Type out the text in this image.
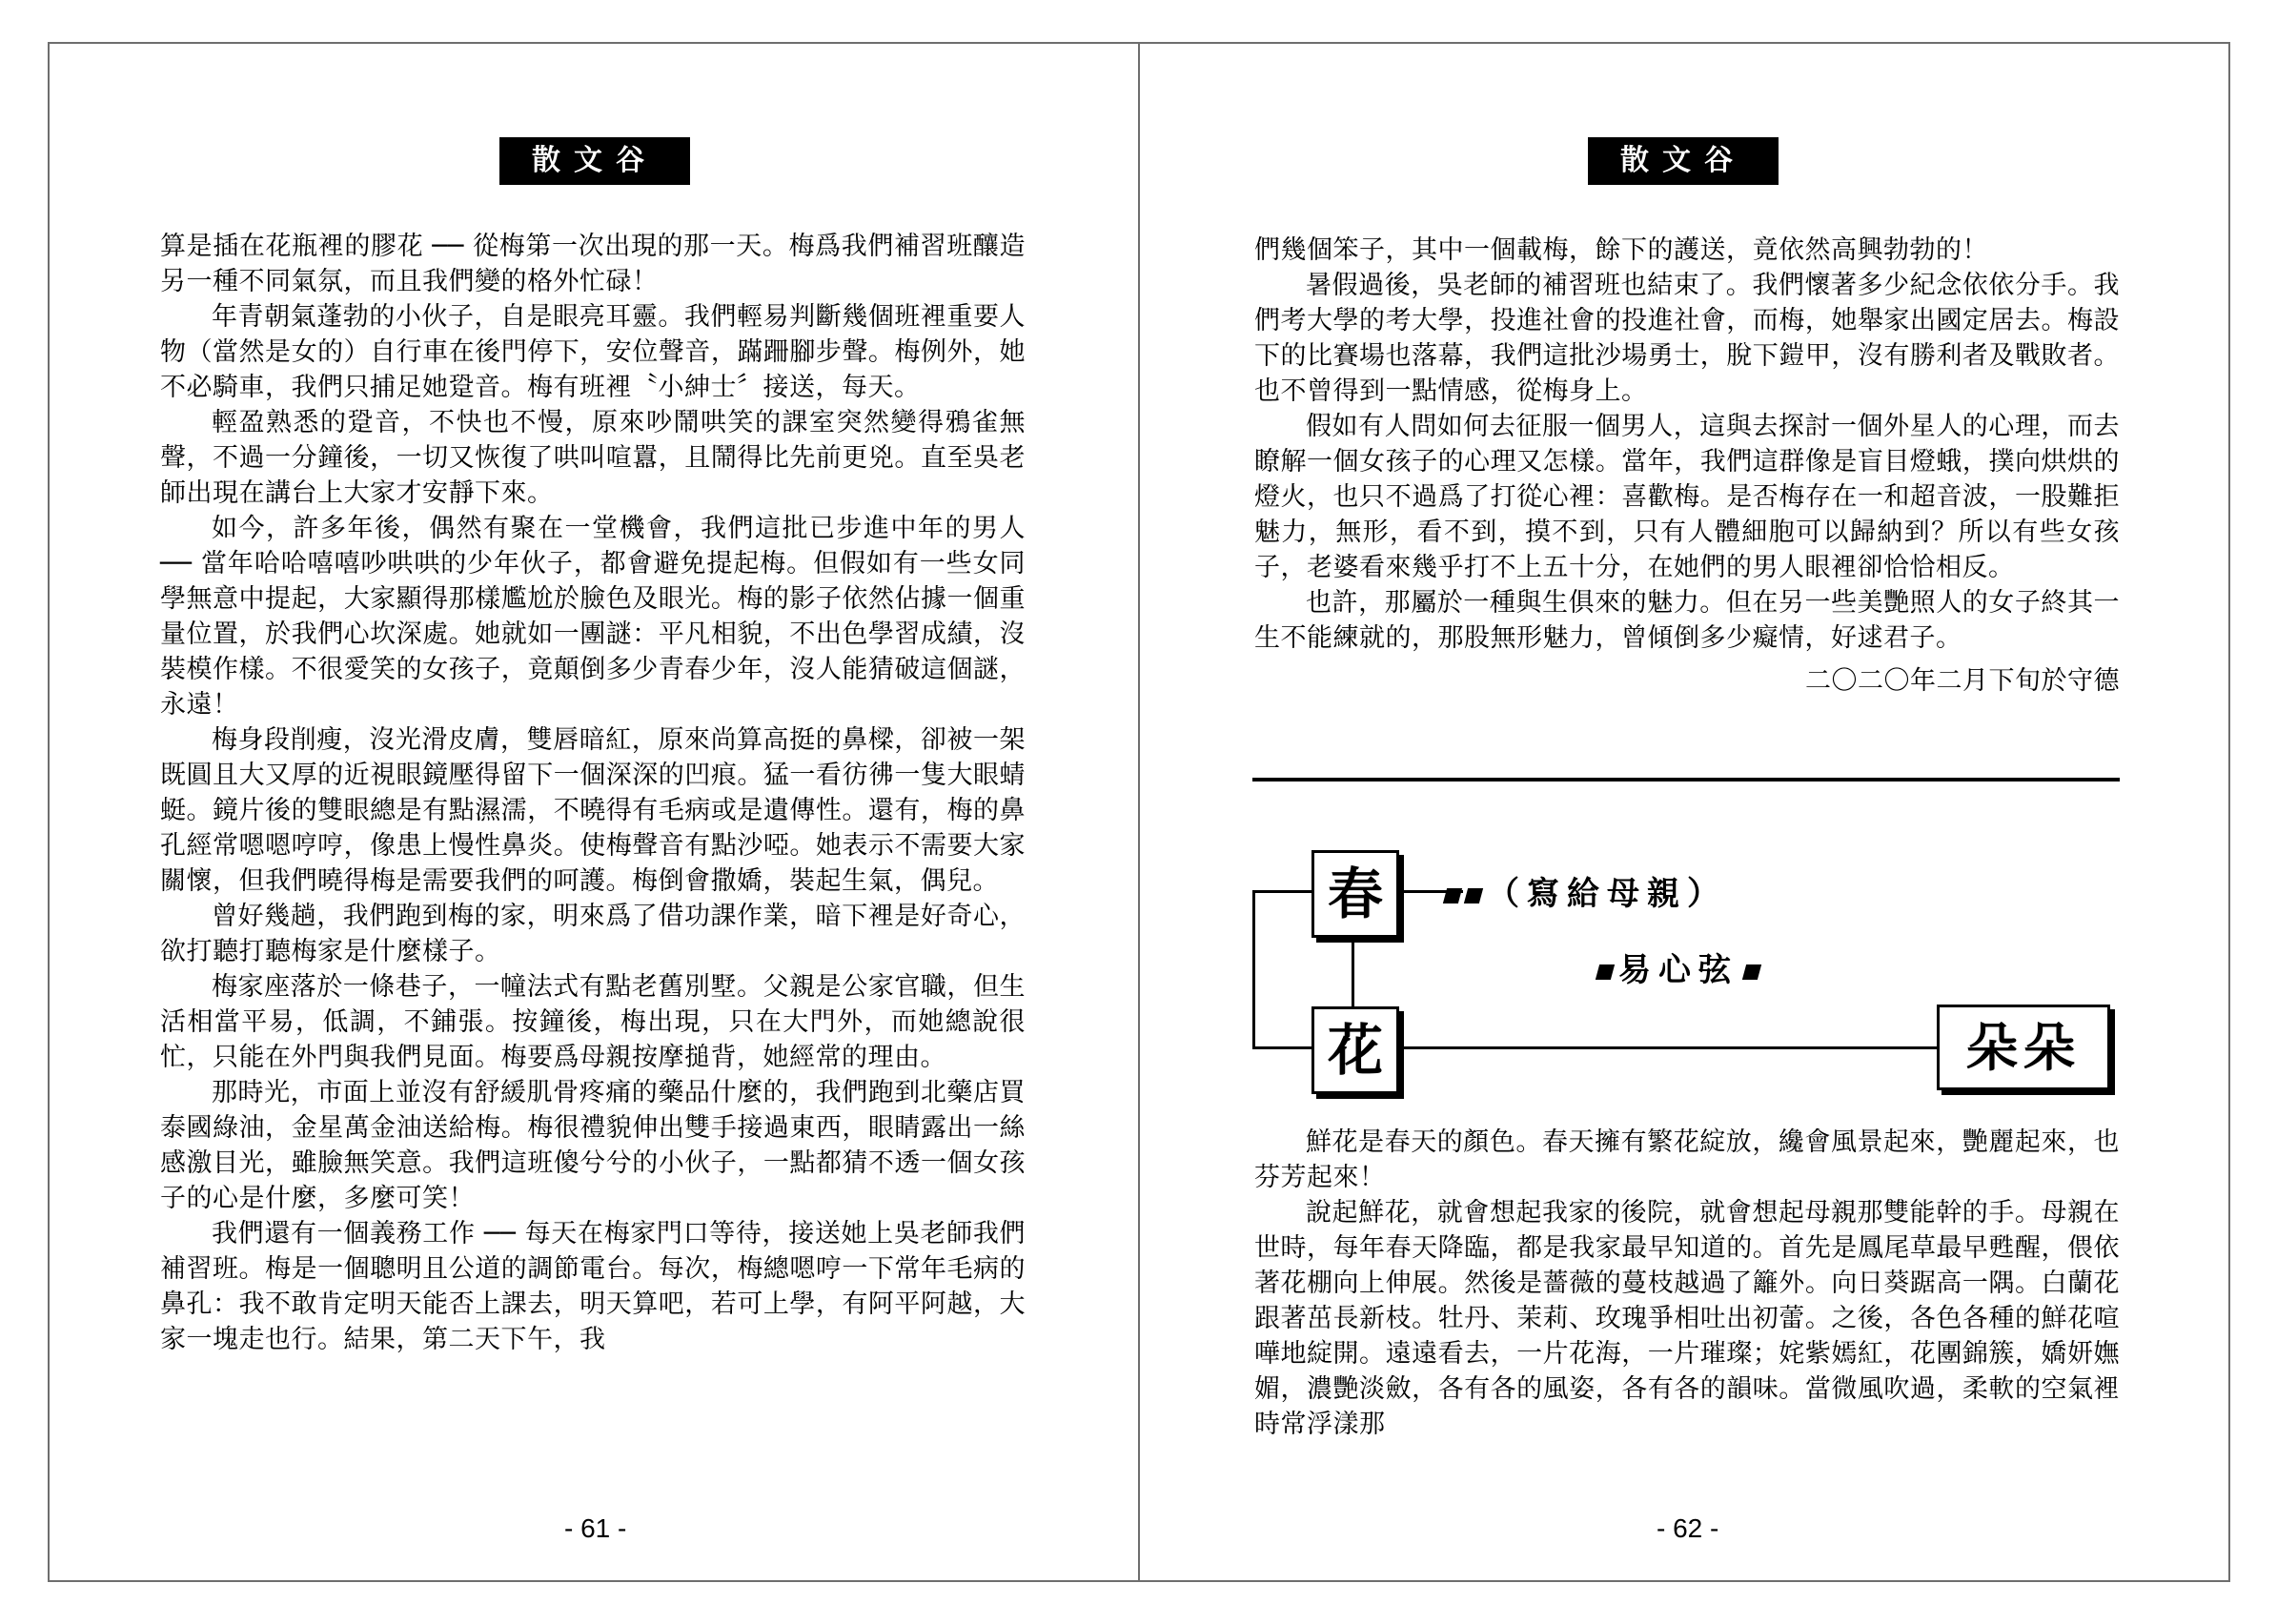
散文谷

算是插在花瓶裡的膠花 ── 從梅第一次出現的那一天。梅爲我們補習班釀造另一種不同氣氛，而且我們變的格外忙碌！

年青朝氣蓬勃的小伙子，自是眼亮耳靈。我們輕易判斷幾個班裡重要人物（當然是女的）自行車在後門停下，安位聲音，蹣跚腳步聲。梅例外，她不必騎車，我們只捕足她跫音。梅有班裡〝小紳士〞接送，每天。

輕盈熟悉的跫音，不快也不慢，原來吵鬧哄笑的課室突然變得鴉雀無聲，不過一分鐘後，一切又恢復了哄叫喧囂，且鬧得比先前更兇。直至吳老師出現在講台上大家才安靜下來。

如今，許多年後，偶然有聚在一堂機會，我們這批已步進中年的男人 ── 當年哈哈嘻嘻吵哄哄的少年伙子，都會避免提起梅。但假如有一些女同學無意中提起，大家顯得那樣尷尬於臉色及眼光。梅的影子依然佔據一個重量位置，於我們心坎深處。她就如一團謎：平凡相貌，不出色學習成績，沒裝模作樣。不很愛笑的女孩子，竟顛倒多少青春少年，沒人能猜破這個謎，永遠！

梅身段削瘦，沒光滑皮膚，雙唇暗紅，原來尚算高挺的鼻樑，卻被一架既圓且大又厚的近視眼鏡壓得留下一個深深的凹痕。猛一看彷彿一隻大眼蜻蜓。鏡片後的雙眼總是有點濕濡，不曉得有毛病或是遺傳性。還有，梅的鼻孔經常嗯嗯哼哼，像患上慢性鼻炎。使梅聲音有點沙啞。她表示不需要大家關懷，但我們曉得梅是需要我們的呵護。梅倒會撒嬌，裝起生氣，偶兒。

曾好幾趟，我們跑到梅的家，明來爲了借功課作業，暗下裡是好奇心，欲打聽打聽梅家是什麼樣子。

梅家座落於一條巷子，一幢法式有點老舊別墅。父親是公家官職，但生活相當平易，低調，不鋪張。按鐘後，梅出現，只在大門外，而她總說很忙，只能在外門與我們見面。梅要爲母親按摩搥背，她經常的理由。

那時光，市面上並沒有舒緩肌骨疼痛的藥品什麼的，我們跑到北藥店買泰國綠油，金星萬金油送給梅。梅很禮貌伸出雙手接過東西，眼睛露出一絲感激目光，雖臉無笑意。我們這班傻兮兮的小伙子，一點都猜不透一個女孩子的心是什麼，多麼可笑！

我們還有一個義務工作 ── 每天在梅家門口等待，接送她上吳老師我們補習班。梅是一個聰明且公道的調節電台。每次，梅總嗯哼一下常年毛病的鼻孔：我不敢肯定明天能否上課去，明天算吧，若可上學，有阿平阿越，大家一塊走也行。結果，第二天下午，我

- 61 -
散文谷

們幾個笨子，其中一個載梅，餘下的護送，竟依然高興勃勃的！

暑假過後，吳老師的補習班也結束了。我們懷著多少紀念依依分手。我們考大學的考大學，投進社會的投進社會，而梅，她舉家出國定居去。梅設下的比賽場也落幕，我們這批沙場勇士，脫下鎧甲，沒有勝利者及戰敗者。也不曾得到一點情感，從梅身上。

假如有人問如何去征服一個男人，這與去探討一個外星人的心理，而去瞭解一個女孩子的心理又怎樣。當年，我們這群像是盲目燈蛾，撲向烘烘的燈火，也只不過爲了打從心裡：喜歡梅。是否梅存在一和超音波，一股難拒魅力，無形，看不到，摸不到，只有人體細胞可以歸納到？所以有些女孩子，老婆看來幾乎打不上五十分，在她們的男人眼裡卻恰恰相反。

也許，那屬於一種與生俱來的魅力。但在另一些美艷照人的女子終其一生不能練就的，那股無形魅力，曾傾倒多少癡情，好逑君子。

二〇二〇年二月下旬於守德

春
花	朵朵
（寫給母親）
易心弦

鮮花是春天的顏色。春天擁有繁花綻放，纔會風景起來，艷麗起來，也芬芳起來！

說起鮮花，就會想起我家的後院，就會想起母親那雙能幹的手。母親在世時，每年春天降臨，都是我家最早知道的。首先是鳳尾草最早甦醒，偎依著花棚向上伸展。然後是薔薇的蔓枝越過了籬外。向日葵踞高一隅。白蘭花跟著茁長新枝。牡丹、茉莉、玫瑰爭相吐出初蕾。之後，各色各種的鮮花喧嘩地綻開。遠遠看去，一片花海，一片璀璨；姹紫嫣紅，花團錦簇，嬌妍嫵媚，濃艷淡斂，各有各的風姿，各有各的韻味。當微風吹過，柔軟的空氣裡時常浮漾那

- 62 -
